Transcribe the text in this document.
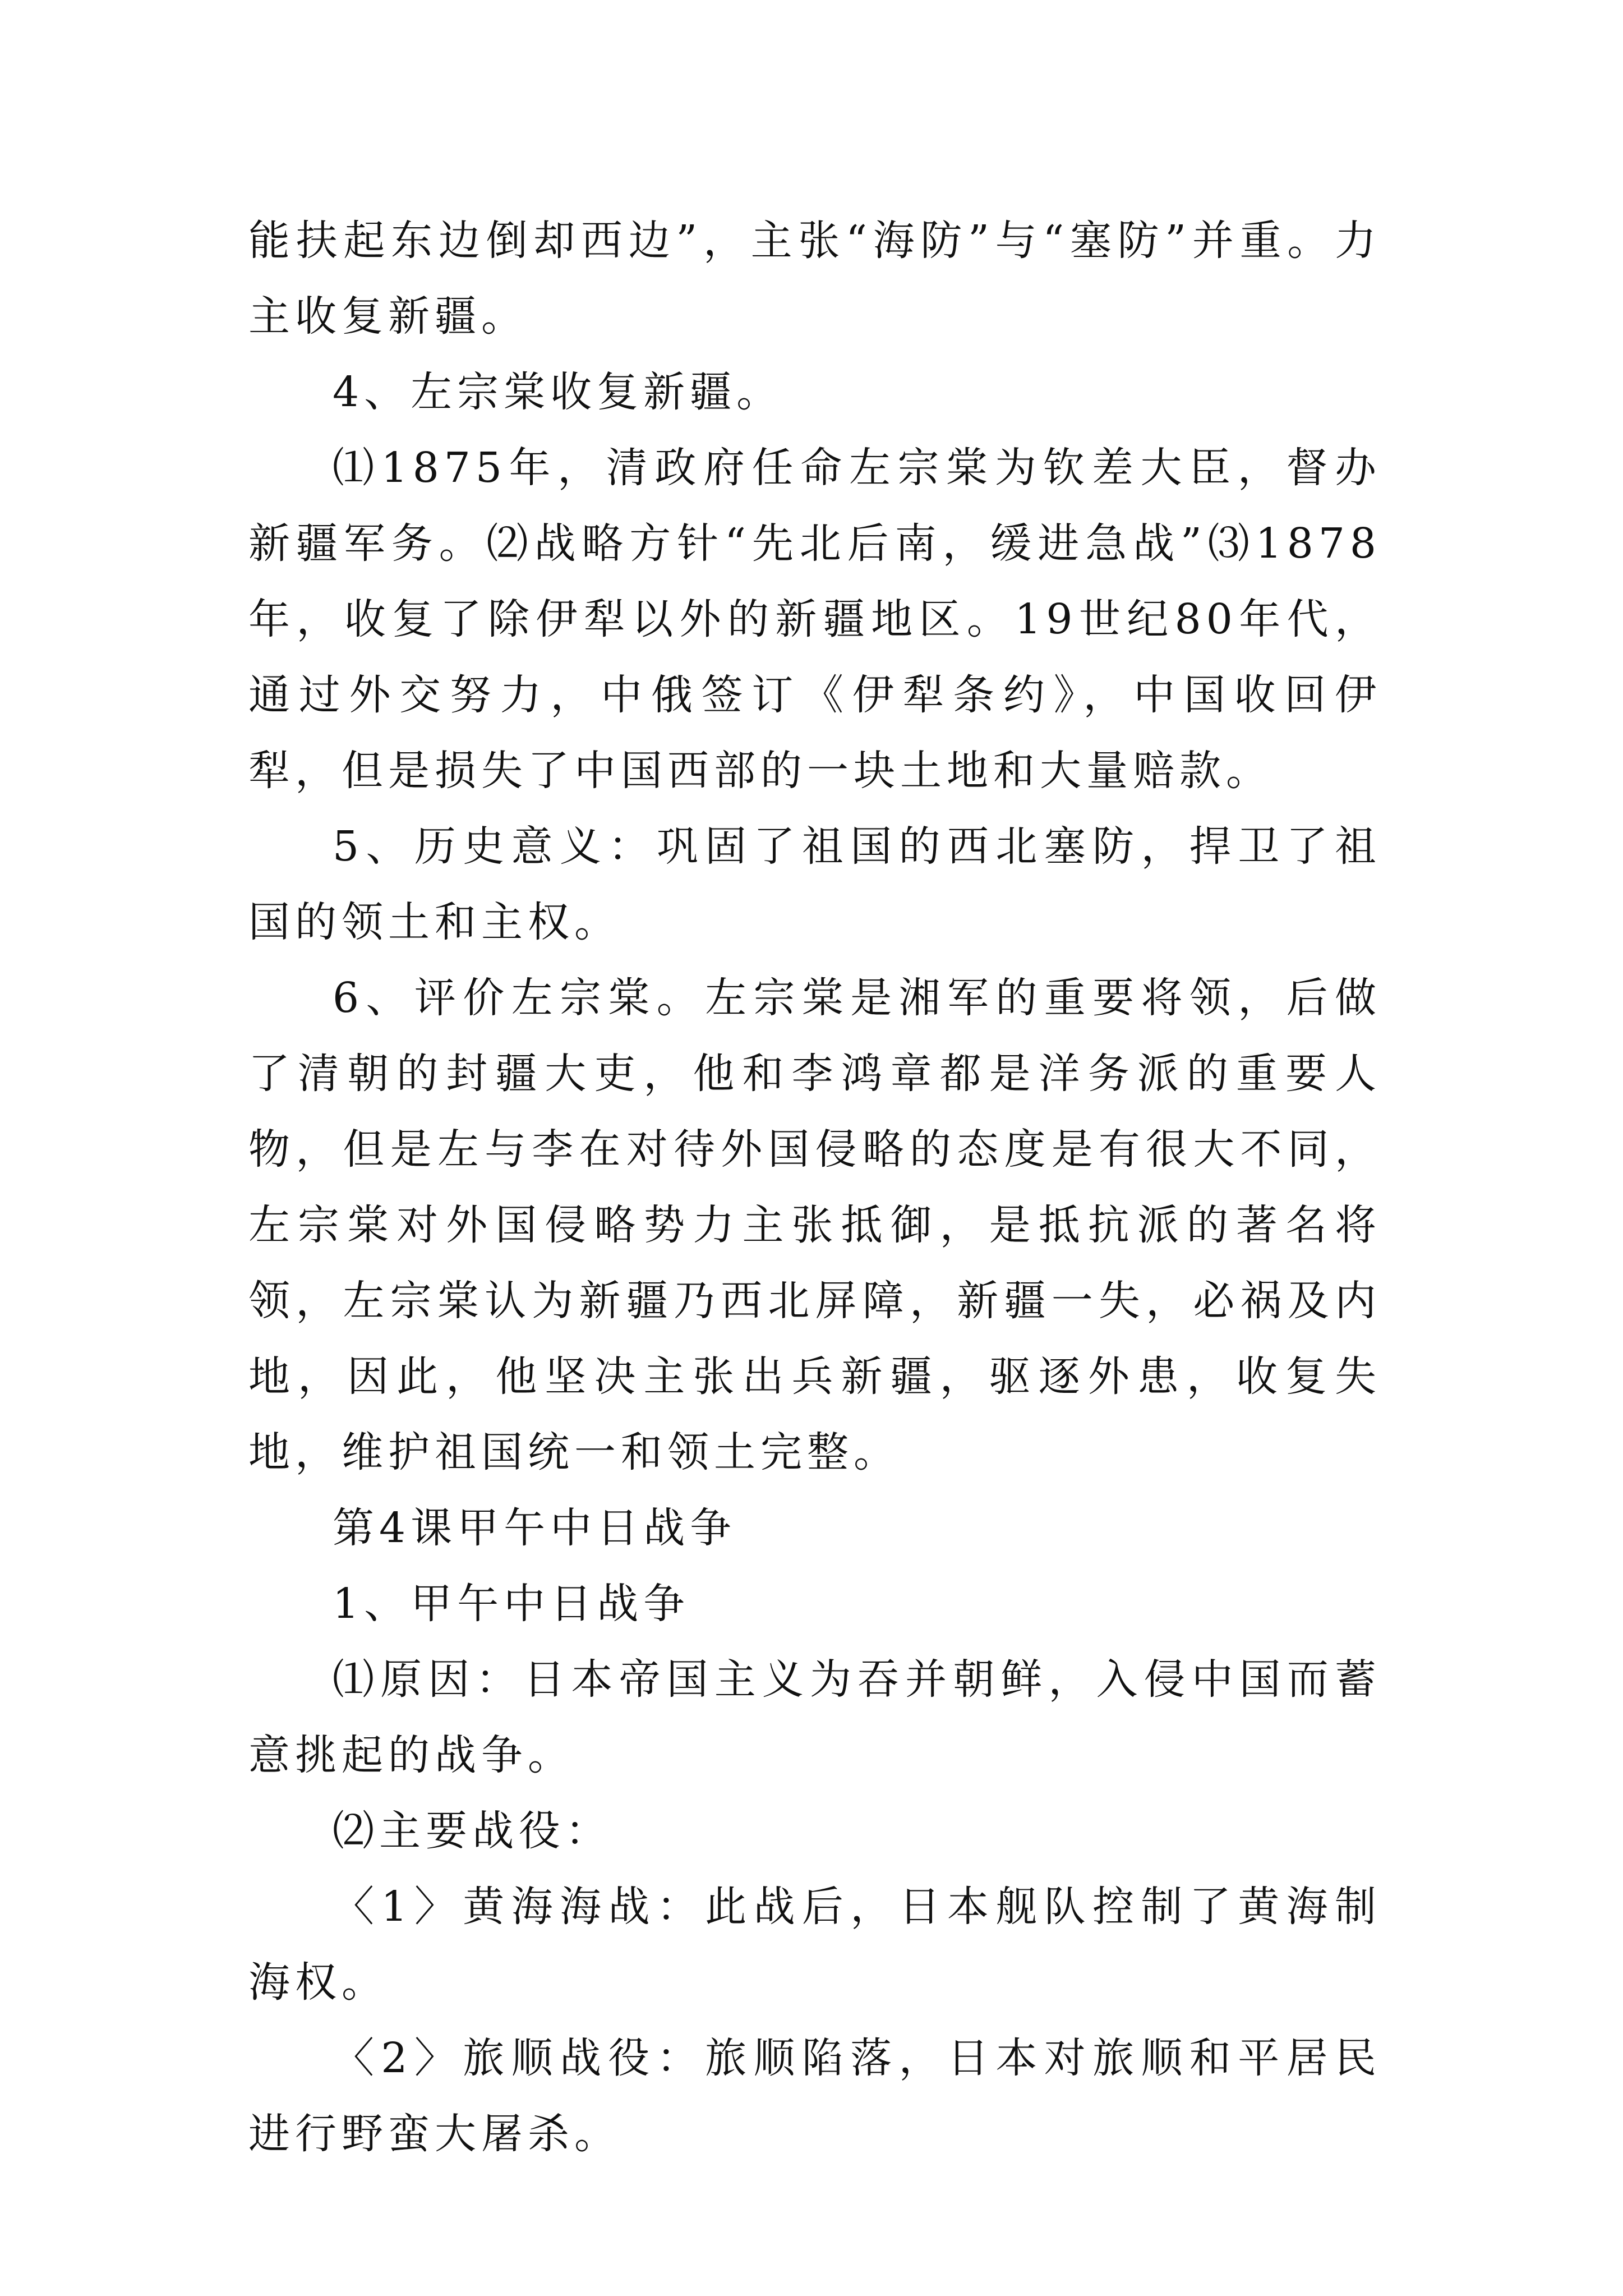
能扶起东边倒却西边”，主张“海防”与“塞防”并重。力主收复新疆。

4、左宗棠收复新疆。

⑴1875年，清政府任命左宗棠为钦差大臣，督办新疆军务。⑵战略方针“先北后南，缓进急战”⑶1878年，收复了除伊犁以外的新疆地区。19世纪80年代，通过外交努力，中俄签订《伊犁条约》，中国收回伊犁，但是损失了中国西部的一块土地和大量赔款。

5、历史意义：巩固了祖国的西北塞防，捍卫了祖国的领土和主权。

6、评价左宗棠。左宗棠是湘军的重要将领，后做了清朝的封疆大吏，他和李鸿章都是洋务派的重要人物，但是左与李在对待外国侵略的态度是有很大不同，左宗棠对外国侵略势力主张抵御，是抵抗派的著名将领，左宗棠认为新疆乃西北屏障，新疆一失，必祸及内地，因此，他坚决主张出兵新疆，驱逐外患，收复失地，维护祖国统一和领土完整。

第4课甲午中日战争

1、甲午中日战争

⑴原因：日本帝国主义为吞并朝鲜，入侵中国而蓄意挑起的战争。

⑵主要战役：

〈1〉黄海海战：此战后，日本舰队控制了黄海制海权。

〈2〉旅顺战役：旅顺陷落，日本对旅顺和平居民进行野蛮大屠杀。
